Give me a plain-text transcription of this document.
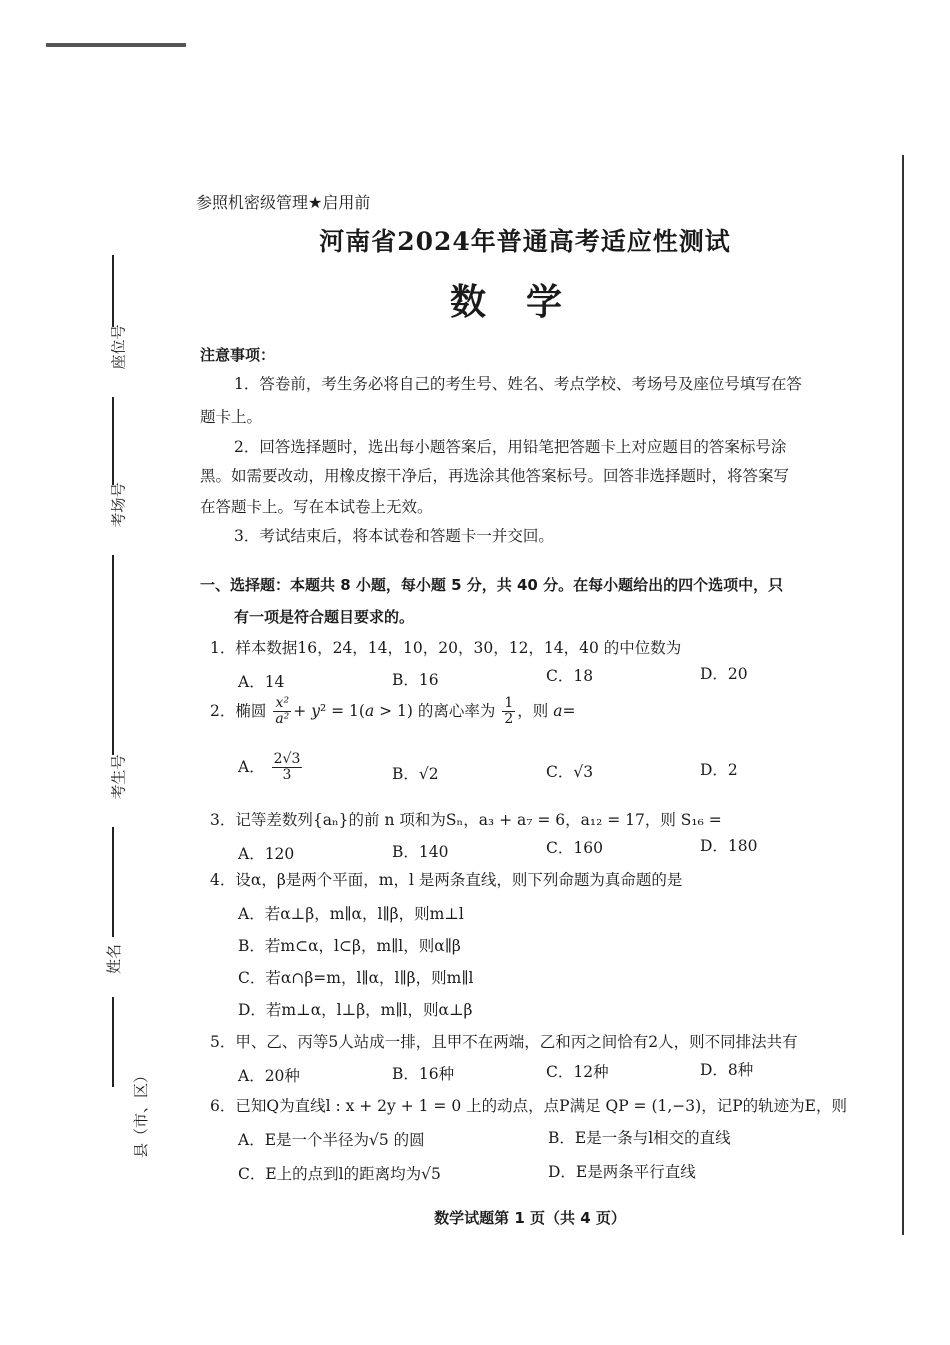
座位号
考场号
考生号
姓名
县（市、区）
参照机密级管理★启用前
河南省2024年普通高考适应性测试
数学
注意事项：
1．答卷前，考生务必将自己的考生号、姓名、考点学校、考场号及座位号填写在答
题卡上。
2．回答选择题时，选出每小题答案后，用铅笔把答题卡上对应题目的答案标号涂
黑。如需要改动，用橡皮擦干净后，再选涂其他答案标号。回答非选择题时，将答案写
在答题卡上。写在本试卷上无效。
3．考试结束后，将本试卷和答题卡一并交回。
一、选择题：本题共 8 小题，每小题 5 分，共 40 分。在每小题给出的四个选项中，只
有一项是符合题目要求的。
1．样本数据16，24，14，10，20，30，12，14，40 的中位数为
A．14	B．16	C．18	D．20
2．椭圆 $\frac{\text{x²}}{\text{a²}} + y^2 = 1(a > 1)$ 的离心率为 $\frac{1}{2}$ ，则 a=
A． $\frac{2√3}{3}$	B．√2	C．√3	D．2
3．记等差数列{aₙ}的前 n 项和为Sₙ，a₃ + a₇ = 6，a₁₂ = 17，则 S₁₆ =
A．120	B．140	C．160	D．180
4．设α，β是两个平面，m，l 是两条直线，则下列命题为真命题的是
A．若α⊥β，m∥α，l∥β，则m⊥l
B．若m⊂α，l⊂β，m∥l，则α∥β
C．若α∩β=m，l∥α，l∥β，则m∥l
D．若m⊥α，l⊥β，m∥l，则α⊥β
5．甲、乙、丙等5人站成一排，且甲不在两端，乙和丙之间恰有2人，则不同排法共有
A．20种	B．16种	C．12种	D．8种
6．已知Q为直线l : x + 2y + 1 = 0 上的动点，点P满足 QP = (1,−3)，记P的轨迹为E，则
A．E是一个半径为√5 的圆	B．E是一条与l相交的直线
C．E上的点到l的距离均为√5	D．E是两条平行直线
数学试题第 1 页（共 4 页）
